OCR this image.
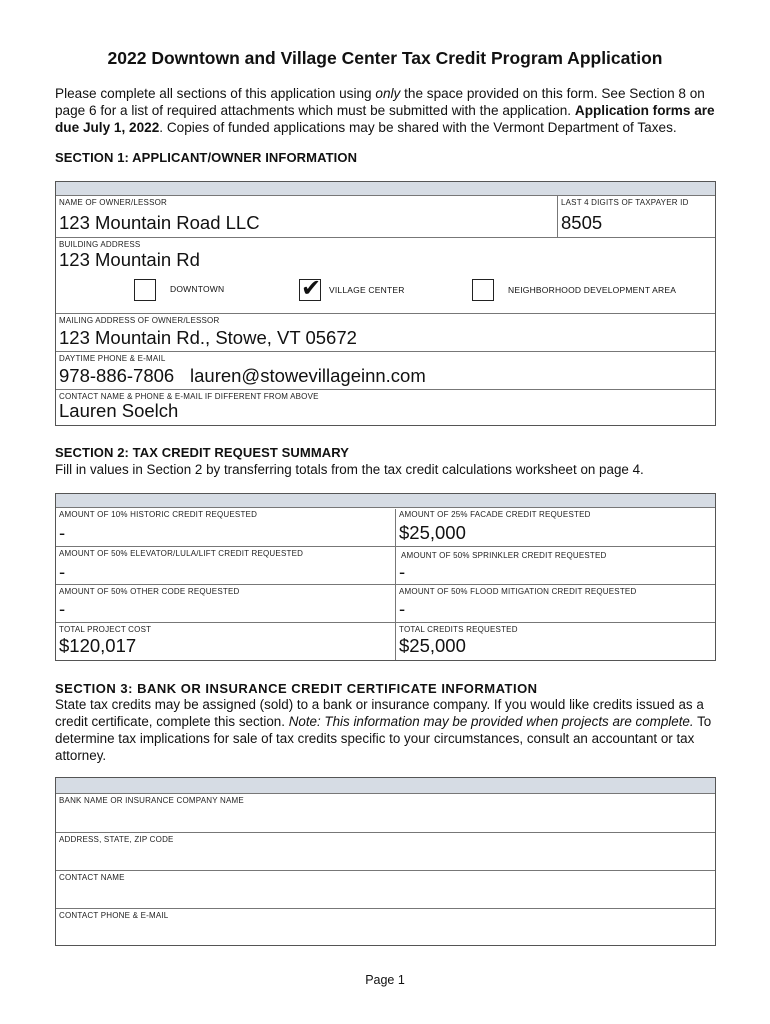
2022 Downtown and Village Center Tax Credit Program Application
Please complete all sections of this application using only the space provided on this form. See Section 8 on page 6 for a list of required attachments which must be submitted with the application. Application forms are due July 1, 2022. Copies of funded applications may be shared with the Vermont Department of Taxes.
SECTION 1: APPLICANT/OWNER INFORMATION
NAME OF OWNER/LESSOR
123 Mountain Road LLC
LAST 4 DIGITS OF TAXPAYER ID
8505
BUILDING ADDRESS
123 Mountain Rd
DOWNTOWN	✔ VILLAGE CENTER	NEIGHBORHOOD DEVELOPMENT AREA
MAILING ADDRESS OF OWNER/LESSOR
123 Mountain Rd., Stowe, VT 05672
DAYTIME PHONE & E-MAIL
978-886-7806 lauren@stowevillageinn.com
CONTACT NAME & PHONE & E-MAIL IF DIFFERENT FROM ABOVE
Lauren Soelch
SECTION 2: TAX CREDIT REQUEST SUMMARY
Fill in values in Section 2 by transferring totals from the tax credit calculations worksheet on page 4.
AMOUNT OF 10% HISTORIC CREDIT REQUESTED
-
AMOUNT OF 25% FACADE CREDIT REQUESTED
$25,000
AMOUNT OF 50% ELEVATOR/LULA/LIFT CREDIT REQUESTED
-
AMOUNT OF 50% SPRINKLER CREDIT REQUESTED
-
AMOUNT OF 50% OTHER CODE REQUESTED
-
AMOUNT OF 50% FLOOD MITIGATION CREDIT REQUESTED
-
TOTAL PROJECT COST
$120,017
TOTAL CREDITS REQUESTED
$25,000
SECTION 3: BANK OR INSURANCE CREDIT CERTIFICATE INFORMATION
State tax credits may be assigned (sold) to a bank or insurance company. If you would like credits issued as a credit certificate, complete this section. Note: This information may be provided when projects are complete. To determine tax implications for sale of tax credits specific to your circumstances, consult an accountant or tax attorney.
BANK NAME OR INSURANCE COMPANY NAME
ADDRESS, STATE, ZIP CODE
CONTACT NAME
CONTACT PHONE & E-MAIL
Page 1
